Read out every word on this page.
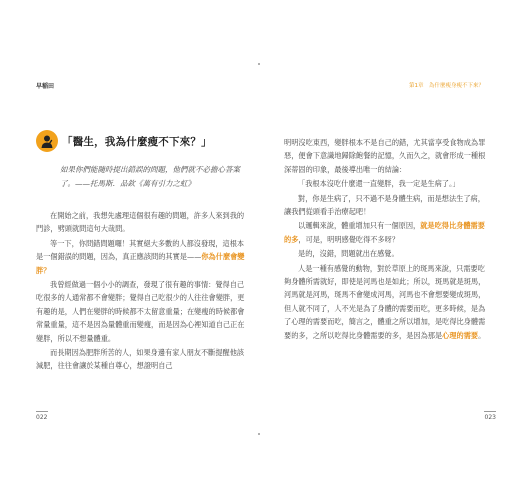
早稲田
「醫生，我為什麼瘦不下來？」
如果你們能隨時提出錯誤的問題，他們就不必擔心答案了。——托馬斯．品欽《萬有引力之虹》

在開始之前，我想先處理這個很有趣的問題，許多人來到我的門診，劈頭就問這句大哉問。

等一下，你問錯問題囉！其實絕大多數的人都沒發現，這根本是一個錯誤的問題，因為，真正應該問的其實是——你為什麼會變胖？

我曾經做過一個小小的調查，發現了很有趣的事情：覺得自己吃很多的人通常都不會變胖；覺得自己吃很少的人往往會變胖，更有趣的是，人們在變胖的時候都不太留意重量；在變瘦的時候都會常量重量，這不是因為量體重而變瘦，而是因為心裡知道自己正在變胖，所以不想量體重。

而長期因為肥胖所苦的人，如果身邊有家人朋友不斷提醒他該減肥，往往會讓於某種自尊心，想證明自己

022
第1章　為什麼瘦身瘦不下來？

明明沒吃東西，變胖根本不是自己的錯，尤其當享受食物成為罪惡，便會下意識地歸除飽餐的記憶，久而久之，就會形成一種根深蒂固的印象，最後導出唯一的結論：

「我根本沒吃什麼還一直變胖，我一定是生病了。」

對，你是生病了，只不過不是身體生病，而是想法生了病，讓我們從頭看手治療起吧！

以邏輯來說，體重增加只有一個原因，就是吃得比身體需要的多，可是，明明感覺吃得不多呀？

是的，沒錯，問題就出在感覺。

人是一種有感覺的動物，對於草原上的斑馬來說，只需要吃夠身體所需就好，即使是河馬也是如此；所以，斑馬就是斑馬，河馬就是河馬，斑馬不會變成河馬，河馬也不會想要變成斑馬，但人就不同了，人不光是為了身體的需要而吃，更多時候，是為了心理的需要而吃，簡言之，體重之所以增加，是吃得比身體需要的多，之所以吃得比身體需要的多，是因為那是心理的需要。

023
